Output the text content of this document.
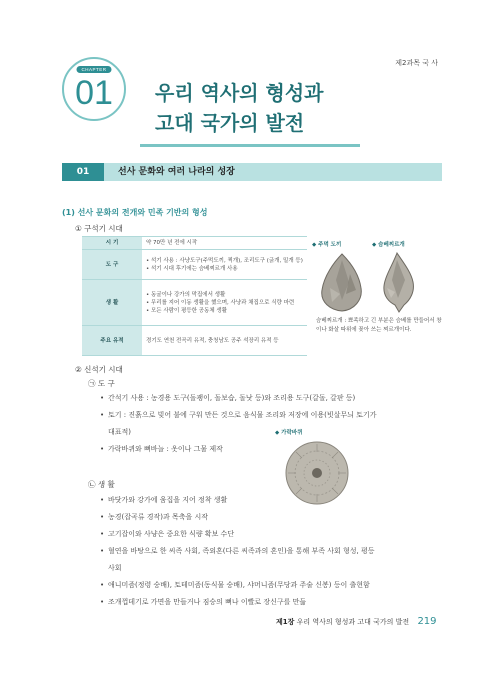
제2과목 국 사
CHAPTER
01	우리 역사의 형성과
고대 국가의 발전
01	선사 문화와 여러 나라의 성장
(1) 선사 문화의 전개와 민족 기반의 형성
① 구석기 시대
시 기	약 70만 년 전에 시작
도 구	• 석기 사용 : 사냥도구(주먹도끼, 찍개), 조리도구 (긁개, 밀개 등)
• 석기 시대 후기에는 슴베찌르개 사용
생 활	• 동굴이나 강가의 막집에서 생활
• 무리를 지어 이동 생활을 했으며, 사냥과 채집으로 식량 마련
• 모든 사람이 평등한 공동체 생활
주요 유적	경기도 연천 전곡리 유적, 충청남도 공주 석장리 유적 등
◆ 주먹 도끼	◆ 슴베찌르개
슴베찌르개 : 뾰족하고 긴 부분은 슴베를 만들어서 창이나 화살 따위에 꽂아 쓰는 찌르개이다.
② 신석기 시대
㉠ 도 구
• 간석기 사용 : 농경용 도구(돌괭이, 돌보습, 돌낫 등)와 조리용 도구(갈돌, 갈판 등)
• 토기 : 진흙으로 빚어 불에 구워 만든 것으로 음식물 조리와 저장에 이용(빗살무늬 토기가
대표적)
• 가락바퀴와 뼈바늘 : 옷이나 그물 제작
◆ 가락바퀴
㉡ 생 활
• 바닷가와 강가에 움집을 지어 정착 생활
• 농경(잡곡류 경작)과 목축을 시작
• 고기잡이와 사냥은 중요한 식량 확보 수단
• 혈연을 바탕으로 한 씨족 사회, 족외혼(다른 씨족과의 혼인)을 통해 부족 사회 형성, 평등
사회
• 애니미즘(정령 숭배), 토테미즘(동식물 숭배), 샤머니즘(무당과 주술 신봉) 등이 출현함
• 조개껍데기로 가면을 만들거나 짐승의 뼈나 이빨로 장신구를 만듦
제1장 우리 역사의 형성과 고대 국가의 발전 219
